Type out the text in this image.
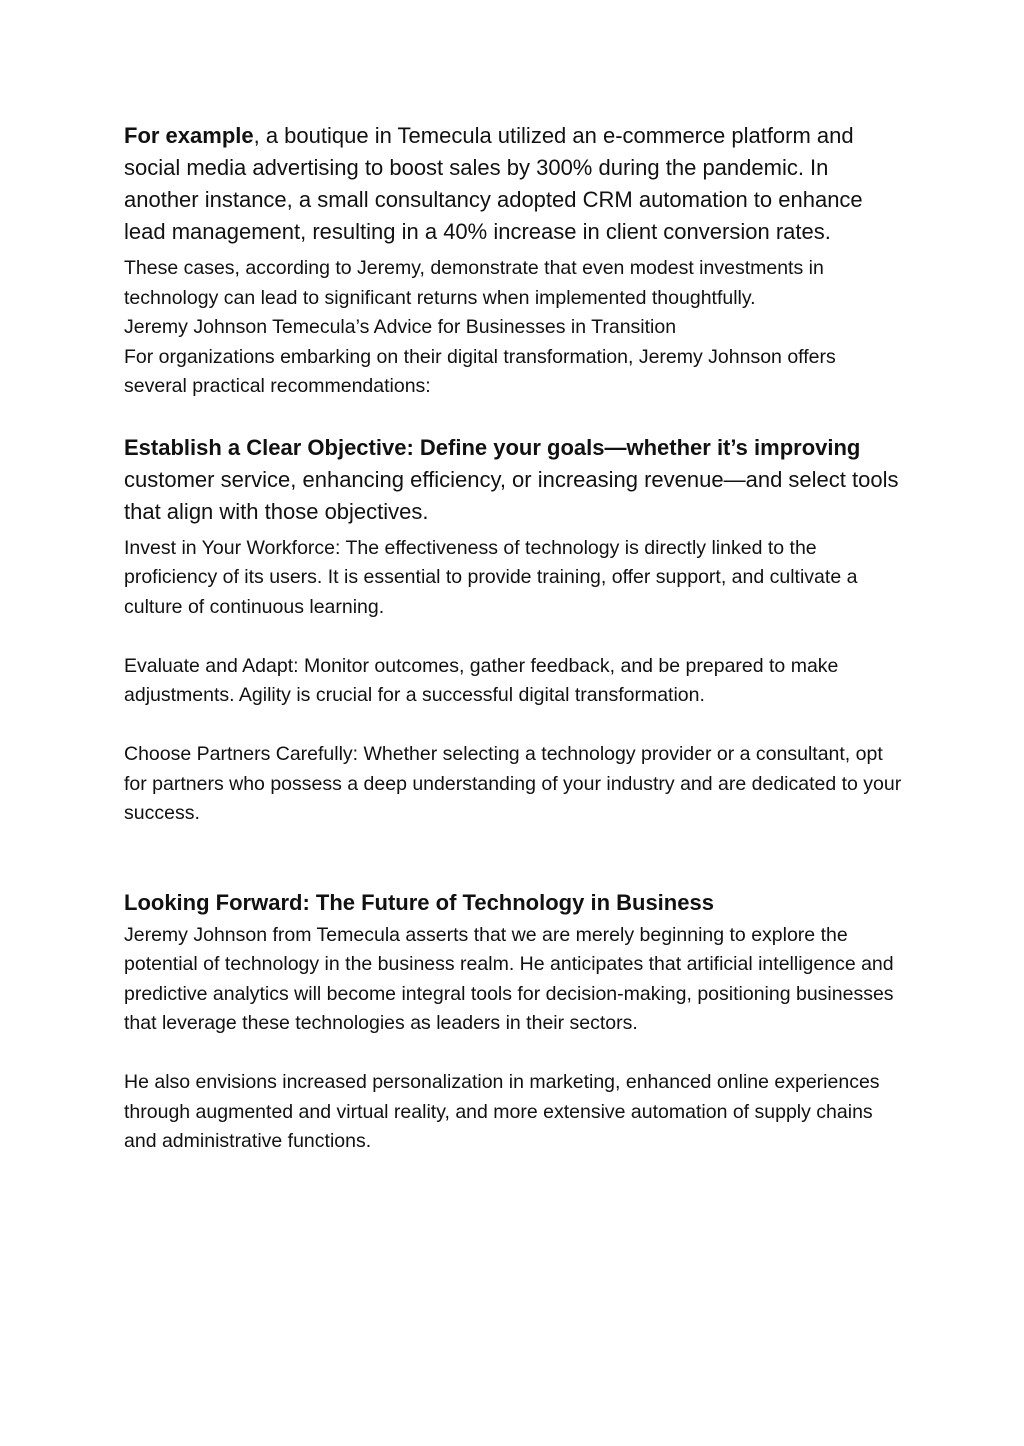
For example, a boutique in Temecula utilized an e-commerce platform and social media advertising to boost sales by 300% during the pandemic. In another instance, a small consultancy adopted CRM automation to enhance lead management, resulting in a 40% increase in client conversion rates.

These cases, according to Jeremy, demonstrate that even modest investments in technology can lead to significant returns when implemented thoughtfully.

Jeremy Johnson Temecula’s Advice for Businesses in Transition

For organizations embarking on their digital transformation, Jeremy Johnson offers several practical recommendations:

Establish a Clear Objective: Define your goals—whether it’s improving customer service, enhancing efficiency, or increasing revenue—and select tools that align with those objectives.

Invest in Your Workforce: The effectiveness of technology is directly linked to the proficiency of its users. It is essential to provide training, offer support, and cultivate a culture of continuous learning.

Evaluate and Adapt: Monitor outcomes, gather feedback, and be prepared to make adjustments. Agility is crucial for a successful digital transformation.

Choose Partners Carefully: Whether selecting a technology provider or a consultant, opt for partners who possess a deep understanding of your industry and are dedicated to your success.

Looking Forward: The Future of Technology in Business

Jeremy Johnson from Temecula asserts that we are merely beginning to explore the potential of technology in the business realm. He anticipates that artificial intelligence and predictive analytics will become integral tools for decision-making, positioning businesses that leverage these technologies as leaders in their sectors.

He also envisions increased personalization in marketing, enhanced online experiences through augmented and virtual reality, and more extensive automation of supply chains and administrative functions.
